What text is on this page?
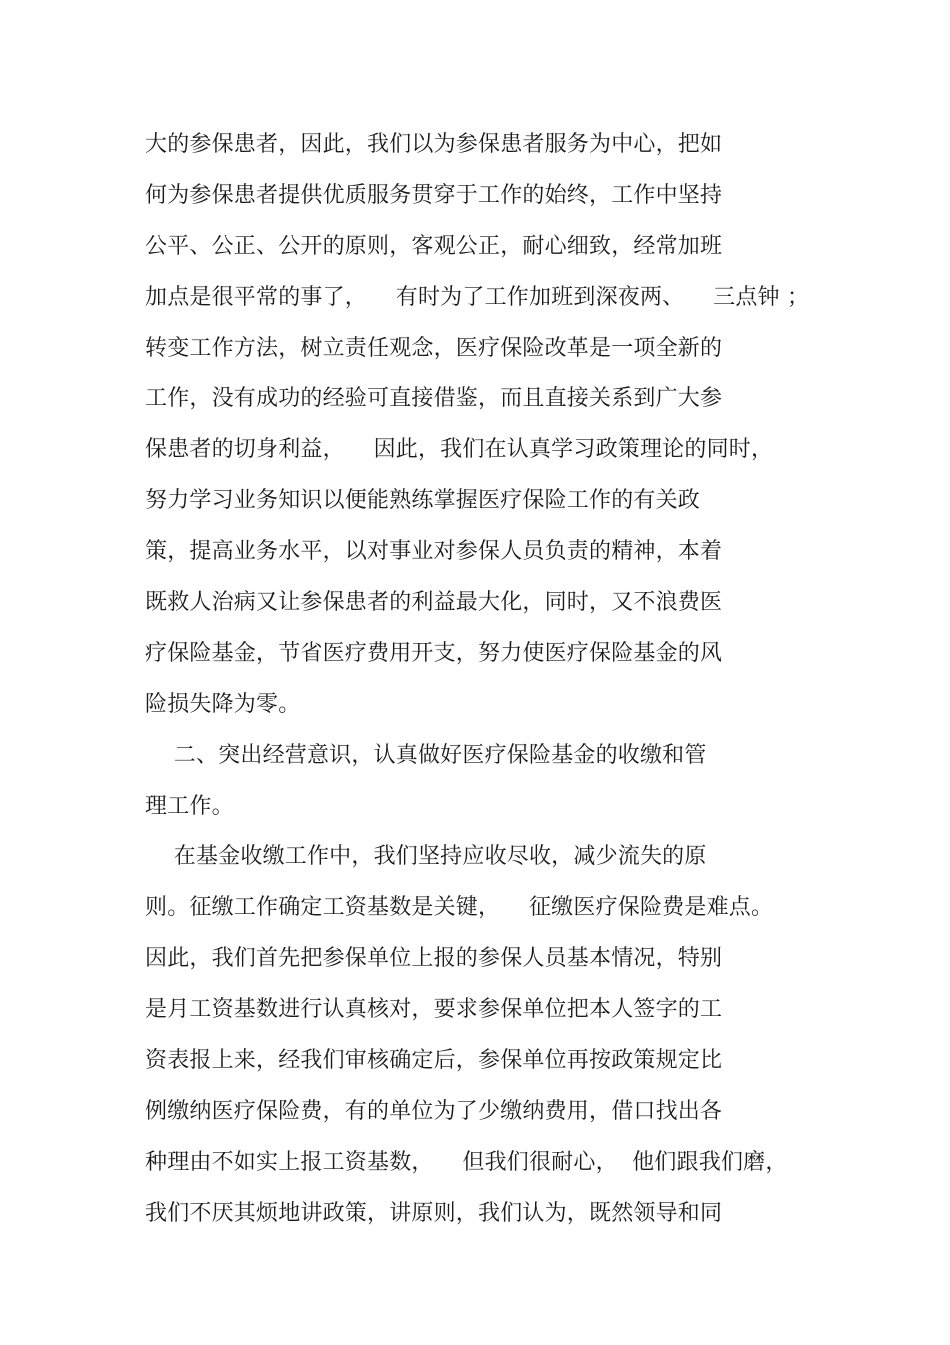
大的参保患者，因此，我们以为参保患者服务为中心，把如
何为参保患者提供优质服务贯穿于工作的始终，工作中坚持
公平、公正、公开的原则，客观公正，耐心细致，经常加班
加点是很平常的事了，    有时为了工作加班到深夜两、    三点钟 ；
转变工作方法，树立责任观念，医疗保险改革是一项全新的
工作，没有成功的经验可直接借鉴，而且直接关系到广大参
保患者的切身利益，    因此，我们在认真学习政策理论的同时，
努力学习业务知识以便能熟练掌握医疗保险工作的有关政
策，提高业务水平，以对事业对参保人员负责的精神，本着
既救人治病又让参保患者的利益最大化，同时，又不浪费医
疗保险基金，节省医疗费用开支，努力使医疗保险基金的风
险损失降为零。
二、突出经营意识，认真做好医疗保险基金的收缴和管
理工作。
在基金收缴工作中，我们坚持应收尽收，减少流失的原
则。征缴工作确定工资基数是关键，    征缴医疗保险费是难点。
因此，我们首先把参保单位上报的参保人员基本情况，特别
是月工资基数进行认真核对，要求参保单位把本人签字的工
资表报上来，经我们审核确定后，参保单位再按政策规定比
例缴纳医疗保险费，有的单位为了少缴纳费用，借口找出各
种理由不如实上报工资基数，    但我们很耐心，  他们跟我们磨，
我们不厌其烦地讲政策，讲原则，我们认为，既然领导和同
